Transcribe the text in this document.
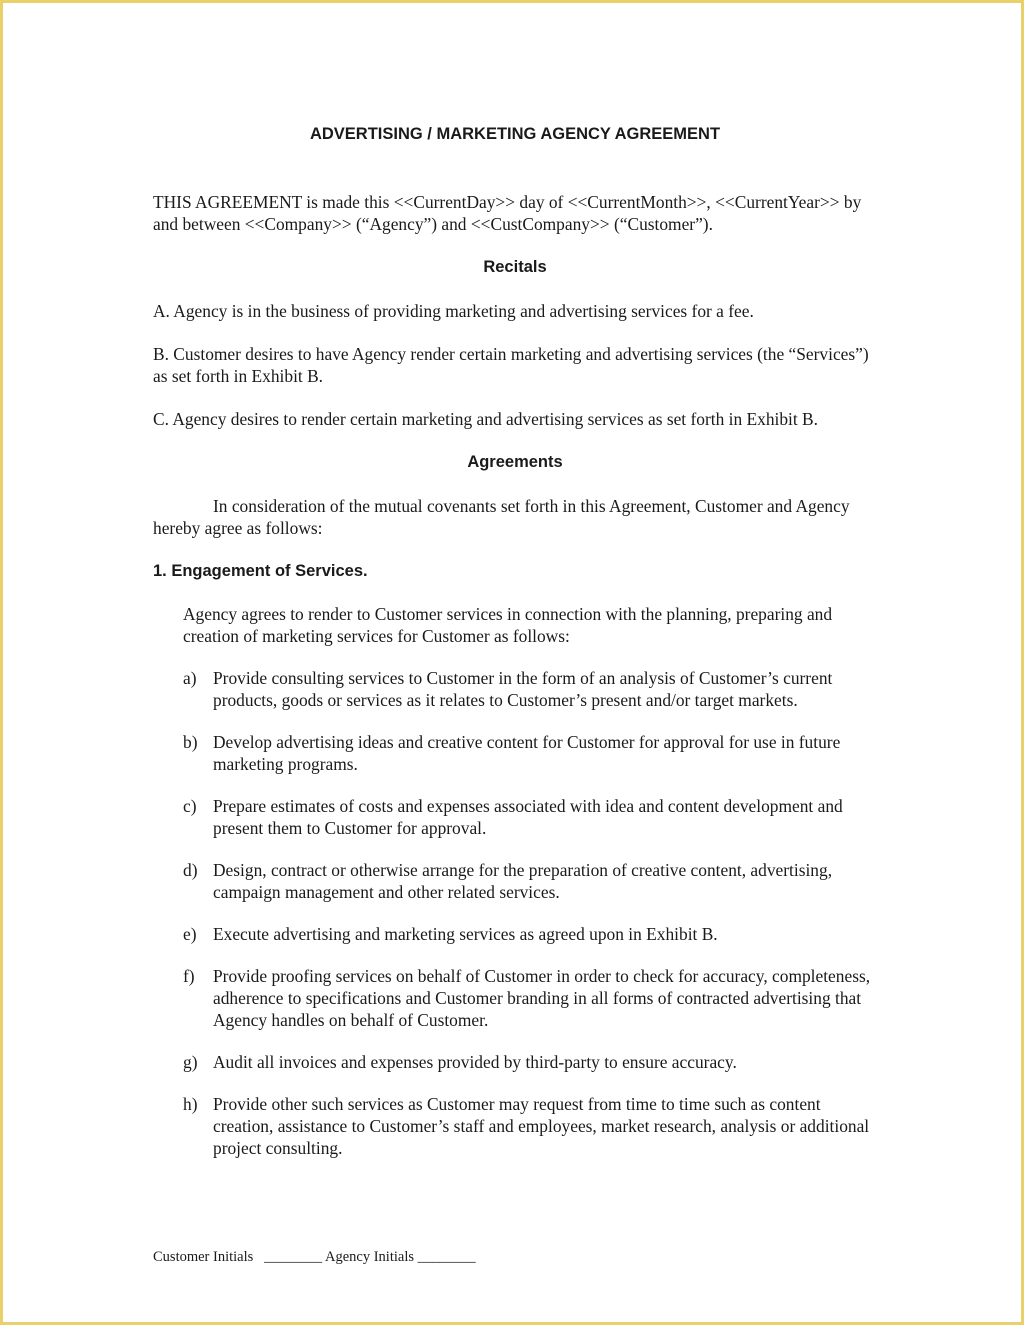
ADVERTISING / MARKETING AGENCY AGREEMENT

THIS AGREEMENT is made this <<CurrentDay>> day of <<CurrentMonth>>, <<CurrentYear>> by and between <<Company>> (“Agency”) and <<CustCompany>> (“Customer”).

Recitals

A. Agency is in the business of providing marketing and advertising services for a fee.

B. Customer desires to have Agency render certain marketing and advertising services (the “Services”) as set forth in Exhibit B.

C. Agency desires to render certain marketing and advertising services as set forth in Exhibit B.

Agreements

In consideration of the mutual covenants set forth in this Agreement, Customer and Agency hereby agree as follows:

1. Engagement of Services.

Agency agrees to render to Customer services in connection with the planning, preparing and creation of marketing services for Customer as follows:

a) Provide consulting services to Customer in the form of an analysis of Customer’s current products, goods or services as it relates to Customer’s present and/or target markets.
b) Develop advertising ideas and creative content for Customer for approval for use in future marketing programs.
c) Prepare estimates of costs and expenses associated with idea and content development and present them to Customer for approval.
d) Design, contract or otherwise arrange for the preparation of creative content, advertising, campaign management and other related services.
e) Execute advertising and marketing services as agreed upon in Exhibit B.
f)	Provide proofing services on behalf of Customer in order to check for accuracy, completeness, adherence to specifications and Customer branding in all forms of contracted advertising that Agency handles on behalf of Customer.
g) Audit all invoices and expenses provided by third-party to ensure accuracy.
h) Provide other such services as Customer may request from time to time such as content creation, assistance to Customer’s staff and employees, market research, analysis or additional project consulting.
Customer Initials   ________ Agency Initials ________
